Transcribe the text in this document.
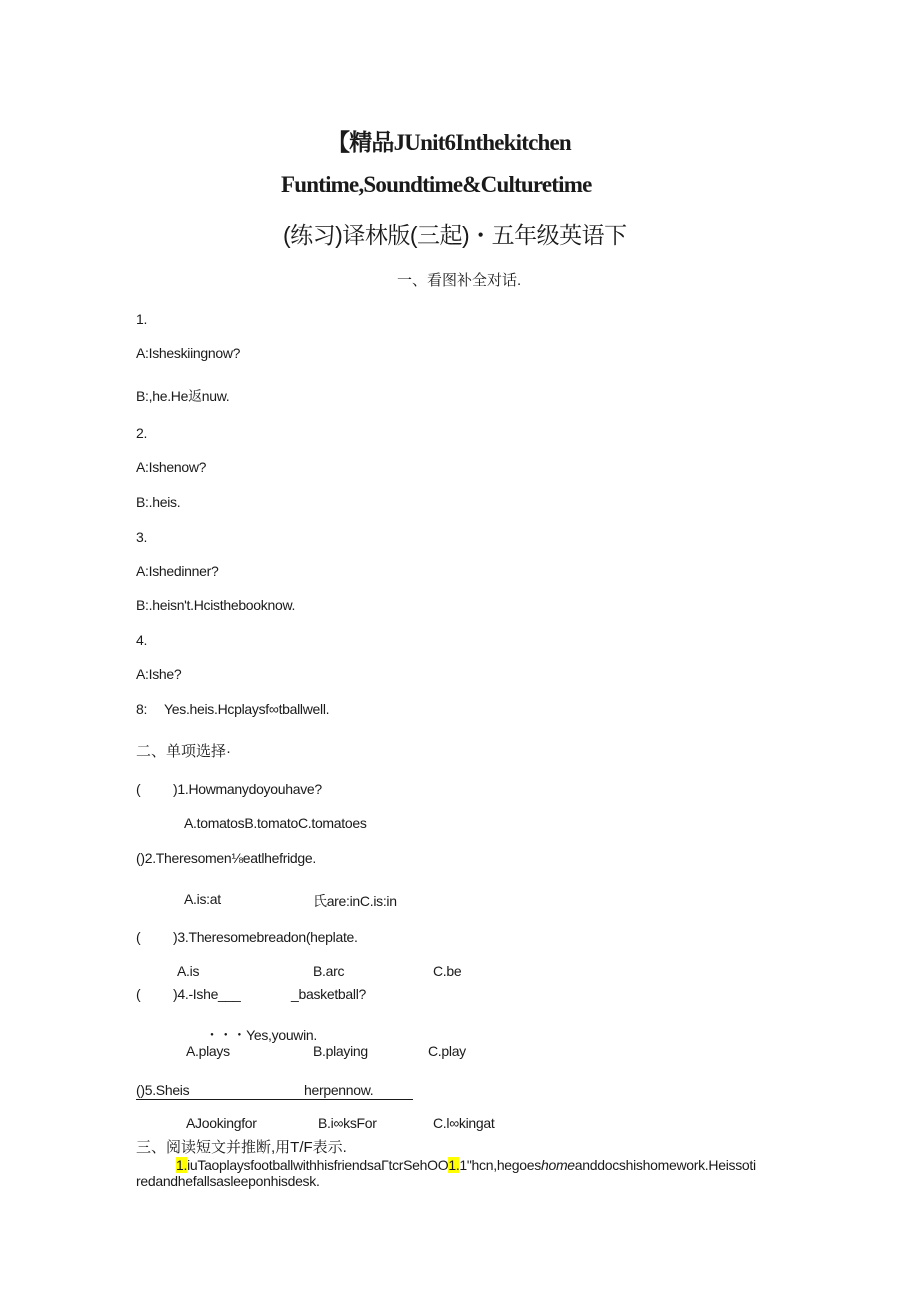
【精品JUnit6Inthekitchen
Funtime,Soundtime&Culturetime
(练习)译林版(三起)・五年级英语下
一、看图补全对话.
1.
A:Isheskiingnow?
B:,he.He返nuw.
2.
A:Ishenow?
B:.heis.
3.
A:Ishedinner?
B:.heisn't.Hcisthebooknow.
4.
A:Ishe?
8: Yes.heis.Hcplaysf∞tballwell.
二、单项选择·
( )1.Howmanydoyouhave?
A.tomatosB.tomatoC.tomatoes
()2.Theresomen⅛eatlhefridge.
A.is:at	氏are:inC.is:in
( )3.Theresomebreadon(heplate.
A.is	B.arc	C.be
( )4.-Ishe___	_basketball?
・・・Yes,youwin.
A.plays	B.playing	C.play
()5.Sheis	herpennow.
AJookingfor	B.i∞ksFor	C.l∞kingat
三、阅读短文并推断,用T/F表示.
1.iuTaoplaysfootballwithhisfriendsaΓtcrSehOO1.1"hcn,hegoeshomeanddocshishomework.Heissoti
redandhefallsasleeponhisdesk.
